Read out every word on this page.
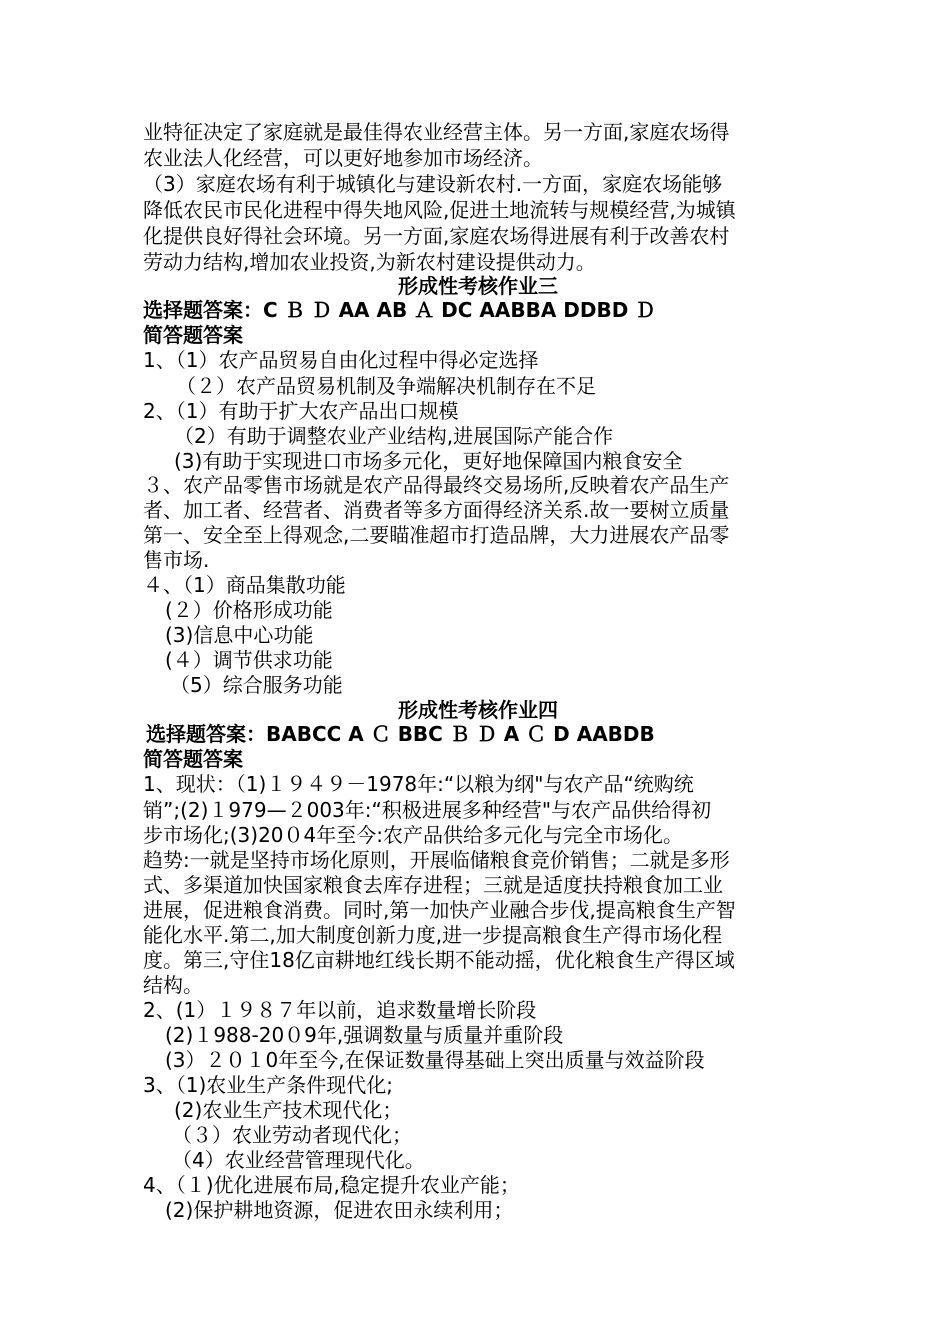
业特征决定了家庭就是最佳得农业经营主体。另一方面,家庭农场得
农业法人化经营，可以更好地参加市场经济。
（3）家庭农场有利于城镇化与建设新农村.一方面，家庭农场能够
降低农民市民化进程中得失地风险,促进土地流转与规模经营,为城镇
化提供良好得社会环境。另一方面,家庭农场得进展有利于改善农村
劳动力结构,增加农业投资,为新农村建设提供动力。
形成性考核作业三
选择题答案：C Ｂ Ｄ AA AB Ａ DC AABBA DDBD Ｄ
简答题答案
1、（1）农产品贸易自由化过程中得必定选择
（２）农产品贸易机制及争端解决机制存在不足
2、（1）有助于扩大农产品出口规模
（2）有助于调整农业产业结构,进展国际产能合作
(3)有助于实现进口市场多元化，更好地保障国内粮食安全
３、农产品零售市场就是农产品得最终交易场所,反映着农产品生产
者、加工者、经营者、消费者等多方面得经济关系.故一要树立质量
第一、安全至上得观念,二要瞄准超市打造品牌，大力进展农产品零
售市场.
４、（1）商品集散功能
(２）价格形成功能
(3)信息中心功能
(４）调节供求功能
（5）综合服务功能
形成性考核作业四
选择题答案：BABCC A Ｃ BBC Ｂ Ｄ A Ｃ D AABDB
简答题答案
1、现状：（1)１９４９－1978年:“以粮为纲"与农产品“统购统
销”;(2)１979—２003年:“积极进展多种经营"与农产品供给得初
步市场化;(3)20０4年至今:农产品供给多元化与完全市场化。
趋势:一就是坚持市场化原则，开展临储粮食竞价销售；二就是多形
式、多渠道加快国家粮食去库存进程；三就是适度扶持粮食加工业
进展，促进粮食消费。同时,第一加快产业融合步伐,提高粮食生产智
能化水平.第二,加大制度创新力度,进一步提高粮食生产得市场化程
度。第三,守住18亿亩耕地红线长期不能动摇，优化粮食生产得区域
结构。
2、(1）１９８７年以前，追求数量增长阶段
(2)１988-20０9年,强调数量与质量并重阶段
(3）２０１0年至今,在保证数量得基础上突出质量与效益阶段
3、（1)农业生产条件现代化;
(2)农业生产技术现代化；
（３）农业劳动者现代化；
（4）农业经营管理现代化。
4、（１)优化进展布局,稳定提升农业产能；
(2)保护耕地资源，促进农田永续利用；
